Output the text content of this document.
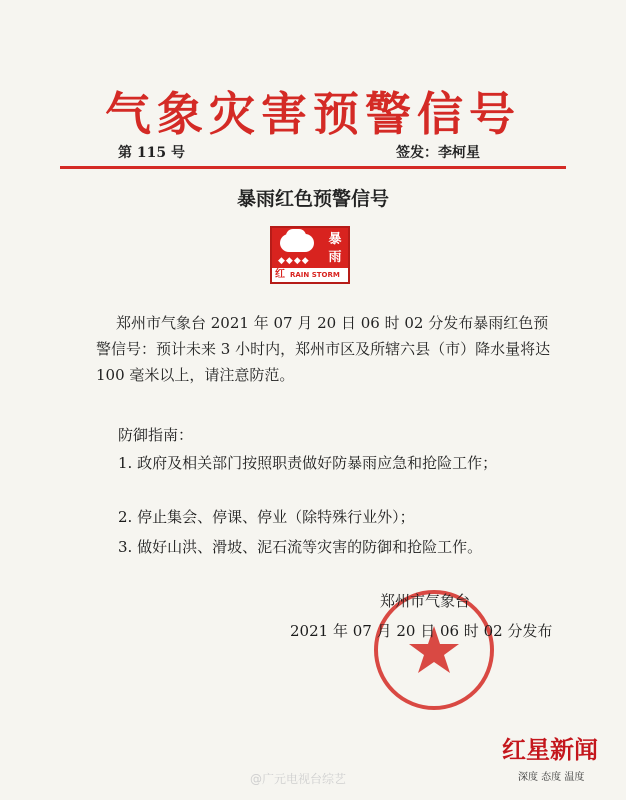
气象灾害预警信号
第 115 号	签发：李柯星
暴雨红色预警信号
◆◆◆◆
暴雨
红 RAIN STORM
郑州市气象台 2021 年 07 月 20 日 06 时 02 分发布暴雨红色预警信号：预计未来 3 小时内，郑州市区及所辖六县（市）降水量将达 100 毫米以上，请注意防范。
防御指南：
1. 政府及相关部门按照职责做好防暴雨应急和抢险工作；
2. 停止集会、停课、停业（除特殊行业外）；
3. 做好山洪、滑坡、泥石流等灾害的防御和抢险工作。
郑州市气象台
2021 年 07 月 20 日 06 时 02 分发布
@广元电视台综艺
红星新闻
深度 态度 温度
